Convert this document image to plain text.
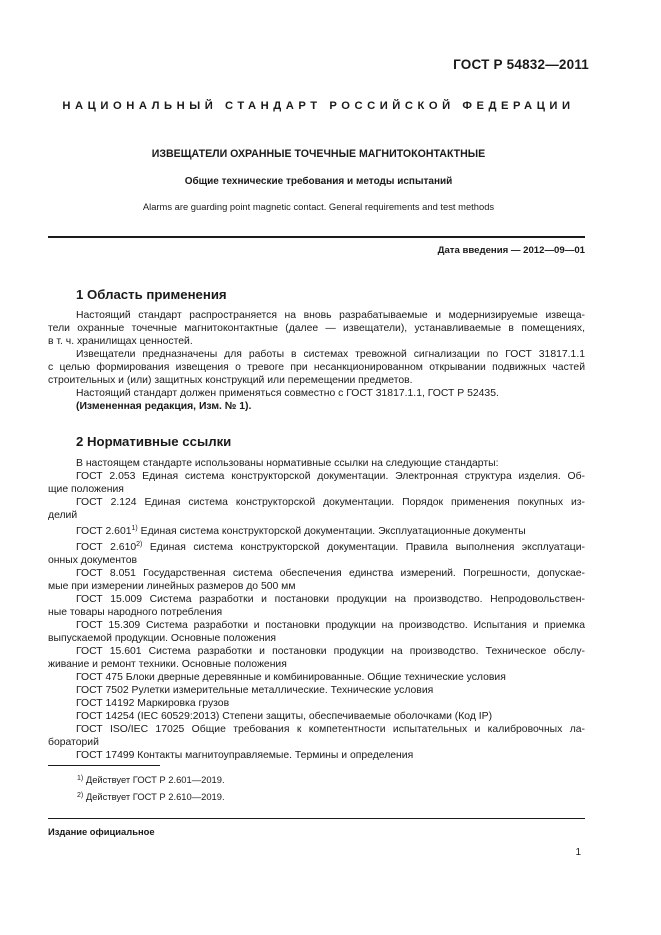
ГОСТ Р 54832—2011
НАЦИОНАЛЬНЫЙ СТАНДАРТ РОССИЙСКОЙ ФЕДЕРАЦИИ
ИЗВЕЩАТЕЛИ ОХРАННЫЕ ТОЧЕЧНЫЕ МАГНИТОКОНТАКТНЫЕ
Общие технические требования и методы испытаний
Alarms are guarding point magnetic contact. General requirements and test methods
Дата введения — 2012—09—01
1 Область применения

Настоящий стандарт распространяется на вновь разрабатываемые и модернизируемые извеща-

тели охранные точечные магнитоконтактные (далее — извещатели), устанавливаемые в помещениях,

в т. ч. хранилищах ценностей.

Извещатели предназначены для работы в системах тревожной сигнализации по ГОСТ 31817.1.1

с целью формирования извещения о тревоге при несанкционированном открывании подвижных частей

строительных и (или) защитных конструкций или перемещении предметов.

Настоящий стандарт должен применяться совместно с ГОСТ 31817.1.1, ГОСТ Р 52435.

(Измененная редакция, Изм. № 1).

2 Нормативные ссылки

В настоящем стандарте использованы нормативные ссылки на следующие стандарты:

ГОСТ 2.053 Единая система конструкторской документации. Электронная структура изделия. Об-

щие положения

ГОСТ 2.124 Единая система конструкторской документации. Порядок применения покупных из-

делий

ГОСТ 2.601$^{1)}$ Единая система конструкторской документации. Эксплуатационные документы

ГОСТ 2.610$^{2)}$ Единая система конструкторской документации. Правила выполнения эксплуатаци-

онных документов

ГОСТ 8.051 Государственная система обеспечения единства измерений. Погрешности, допускае-

мые при измерении линейных размеров до 500 мм

ГОСТ 15.009 Система разработки и постановки продукции на производство. Непродовольствен-

ные товары народного потребления

ГОСТ 15.309 Система разработки и постановки продукции на производство. Испытания и приемка

выпускаемой продукции. Основные положения

ГОСТ 15.601 Система разработки и постановки продукции на производство. Техническое обслу-

живание и ремонт техники. Основные положения

ГОСТ 475 Блоки дверные деревянные и комбинированные. Общие технические условия

ГОСТ 7502 Рулетки измерительные металлические. Технические условия

ГОСТ 14192 Маркировка грузов

ГОСТ 14254 (IEC 60529:2013) Степени защиты, обеспечиваемые оболочками (Код IP)

ГОСТ ISO/IEC 17025 Общие требования к компетентности испытательных и калибровочных ла-

бораторий

ГОСТ 17499 Контакты магнитоуправляемые. Термины и определения

$^{1)}$ Действует ГОСТ Р 2.601—2019.
$^{2)}$ Действует ГОСТ Р 2.610—2019.
Издание официальное
1
